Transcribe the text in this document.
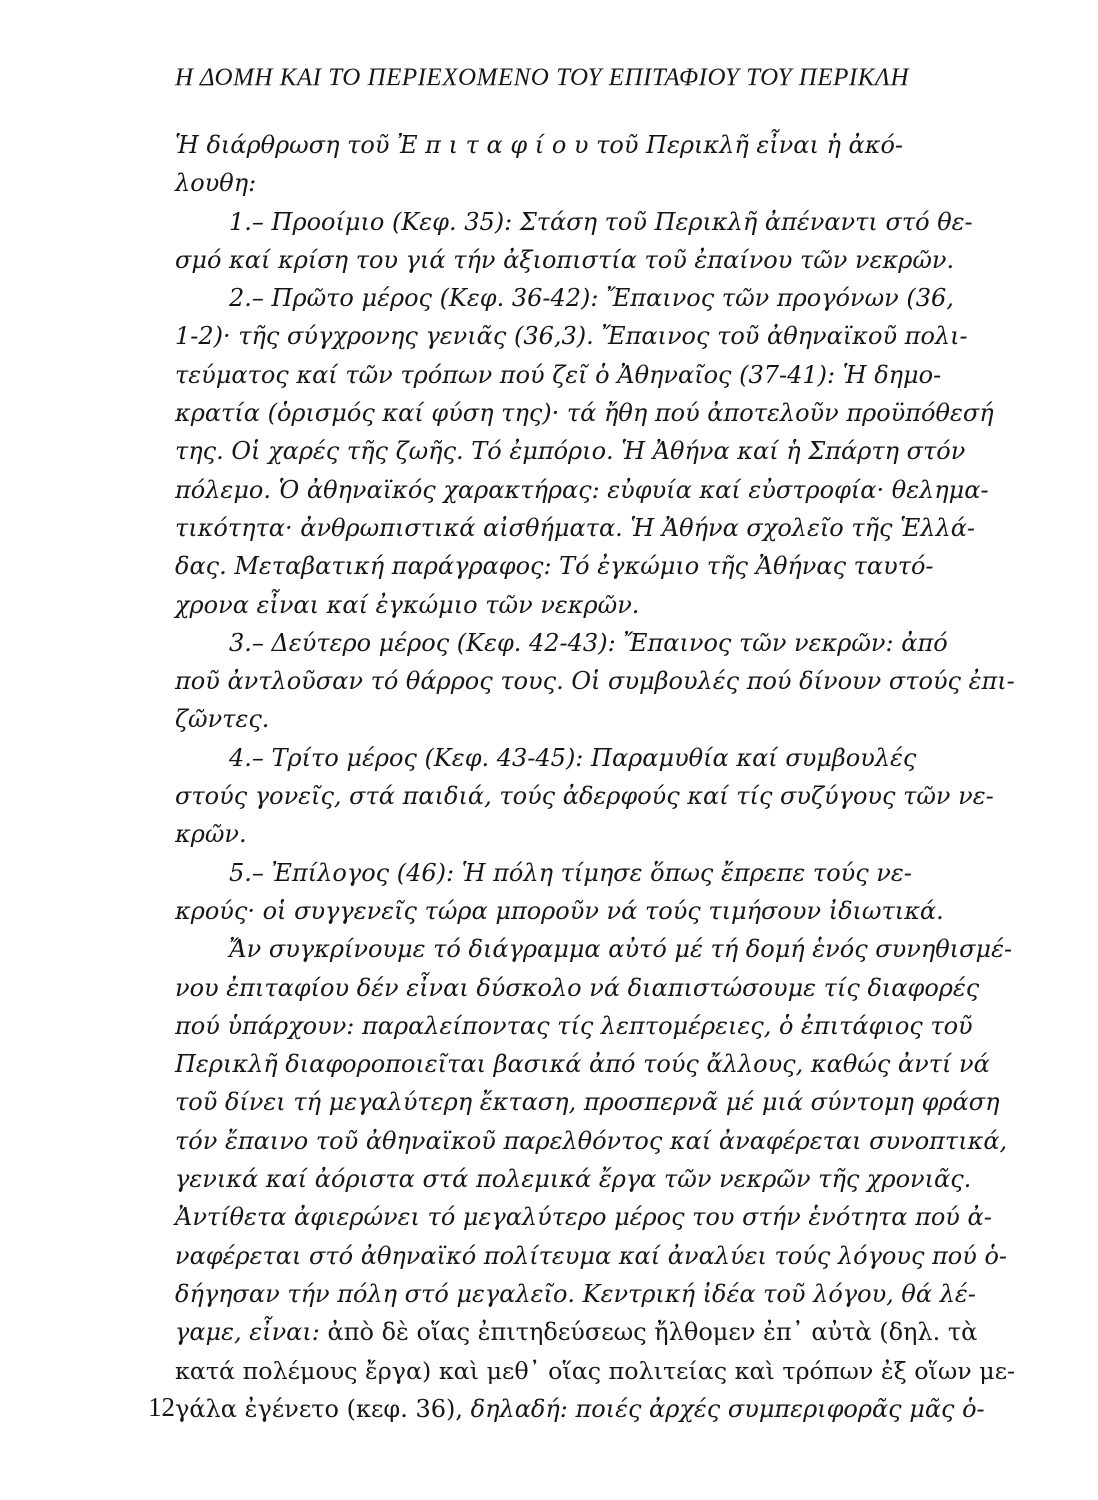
Η ΔΟΜΗ ΚΑΙ ΤΟ ΠΕΡΙΕΧΟΜΕΝΟ ΤΟΥ ΕΠΙΤΑΦΙΟΥ ΤΟΥ ΠΕΡΙΚΛΗ
Ἡ διάρθρωση τοῦ Ἐ π ι τ α φ ί ο υ τοῦ Περικλῆ εἶναι ἡ ἀκό-
λουθη:
1.– Προοίμιο (Κεφ. 35): Στάση τοῦ Περικλῆ ἀπέναντι στό θε-
σμό καί κρίση του γιά τήν ἀξιοπιστία τοῦ ἐπαίνου τῶν νεκρῶν.
2.– Πρῶτο μέρος (Κεφ. 36-42): Ἔπαινος τῶν προγόνων (36,
1-2)· τῆς σύγχρονης γενιᾶς (36,3). Ἔπαινος τοῦ ἀθηναϊκοῦ πολι-
τεύματος καί τῶν τρόπων πού ζεῖ ὁ Ἀθηναῖος (37-41): Ἡ δημο-
κρατία (ὁρισμός καί φύση της)· τά ἤθη πού ἀποτελοῦν προϋπόθεσή
της. Οἱ χαρές τῆς ζωῆς. Τό ἐμπόριο. Ἡ Ἀθήνα καί ἡ Σπάρτη στόν
πόλεμο. Ὁ ἀθηναϊκός χαρακτήρας: εὐφυία καί εὐστροφία· θελημα-
τικότητα· ἀνθρωπιστικά αἰσθήματα. Ἡ Ἀθήνα σχολεῖο τῆς Ἑλλά-
δας. Μεταβατική παράγραφος: Τό ἐγκώμιο τῆς Ἀθήνας ταυτό-
χρονα εἶναι καί ἐγκώμιο τῶν νεκρῶν.
3.– Δεύτερο μέρος (Κεφ. 42-43): Ἔπαινος τῶν νεκρῶν: ἀπό
ποῦ ἀντλοῦσαν τό θάρρος τους. Οἱ συμβουλές πού δίνουν στούς ἐπι-
ζῶντες.
4.– Τρίτο μέρος (Κεφ. 43-45): Παραμυθία καί συμβουλές
στούς γονεῖς, στά παιδιά, τούς ἀδερφούς καί τίς συζύγους τῶν νε-
κρῶν.
5.– Ἐπίλογος (46): Ἡ πόλη τίμησε ὅπως ἔπρεπε τούς νε-
κρούς· οἱ συγγενεῖς τώρα μποροῦν νά τούς τιμήσουν ἰδιωτικά.
Ἄν συγκρίνουμε τό διάγραμμα αὐτό μέ τή δομή ἑνός συνηθισμέ-
νου ἐπιταφίου δέν εἶναι δύσκολο νά διαπιστώσουμε τίς διαφορές
πού ὑπάρχουν: παραλείποντας τίς λεπτομέρειες, ὁ ἐπιτάφιος τοῦ
Περικλῆ διαφοροποιεῖται βασικά ἀπό τούς ἄλλους, καθώς ἀντί νά
τοῦ δίνει τή μεγαλύτερη ἔκταση, προσπερνᾶ μέ μιά σύντομη φράση
τόν ἔπαινο τοῦ ἀθηναϊκοῦ παρελθόντος καί ἀναφέρεται συνοπτικά,
γενικά καί ἀόριστα στά πολεμικά ἔργα τῶν νεκρῶν τῆς χρονιᾶς.
Ἀντίθετα ἀφιερώνει τό μεγαλύτερο μέρος του στήν ἑνότητα πού ἀ-
ναφέρεται στό ἀθηναϊκό πολίτευμα καί ἀναλύει τούς λόγους πού ὁ-
δήγησαν τήν πόλη στό μεγαλεῖο. Κεντρική ἰδέα τοῦ λόγου, θά λέ-
γαμε, εἶναι: ἀπὸ δὲ οἵας ἐπιτηδεύσεως ἤλθομεν ἐπ᾿ αὐτὰ (δηλ. τὰ
κατά πολέμους ἔργα) καὶ μεθ᾿ οἵας πολιτείας καὶ τρόπων ἐξ οἵων με-
γάλα ἐγένετο (κεφ. 36), δηλαδή: ποιές ἀρχές συμπεριφορᾶς μᾶς ὁ-
12
